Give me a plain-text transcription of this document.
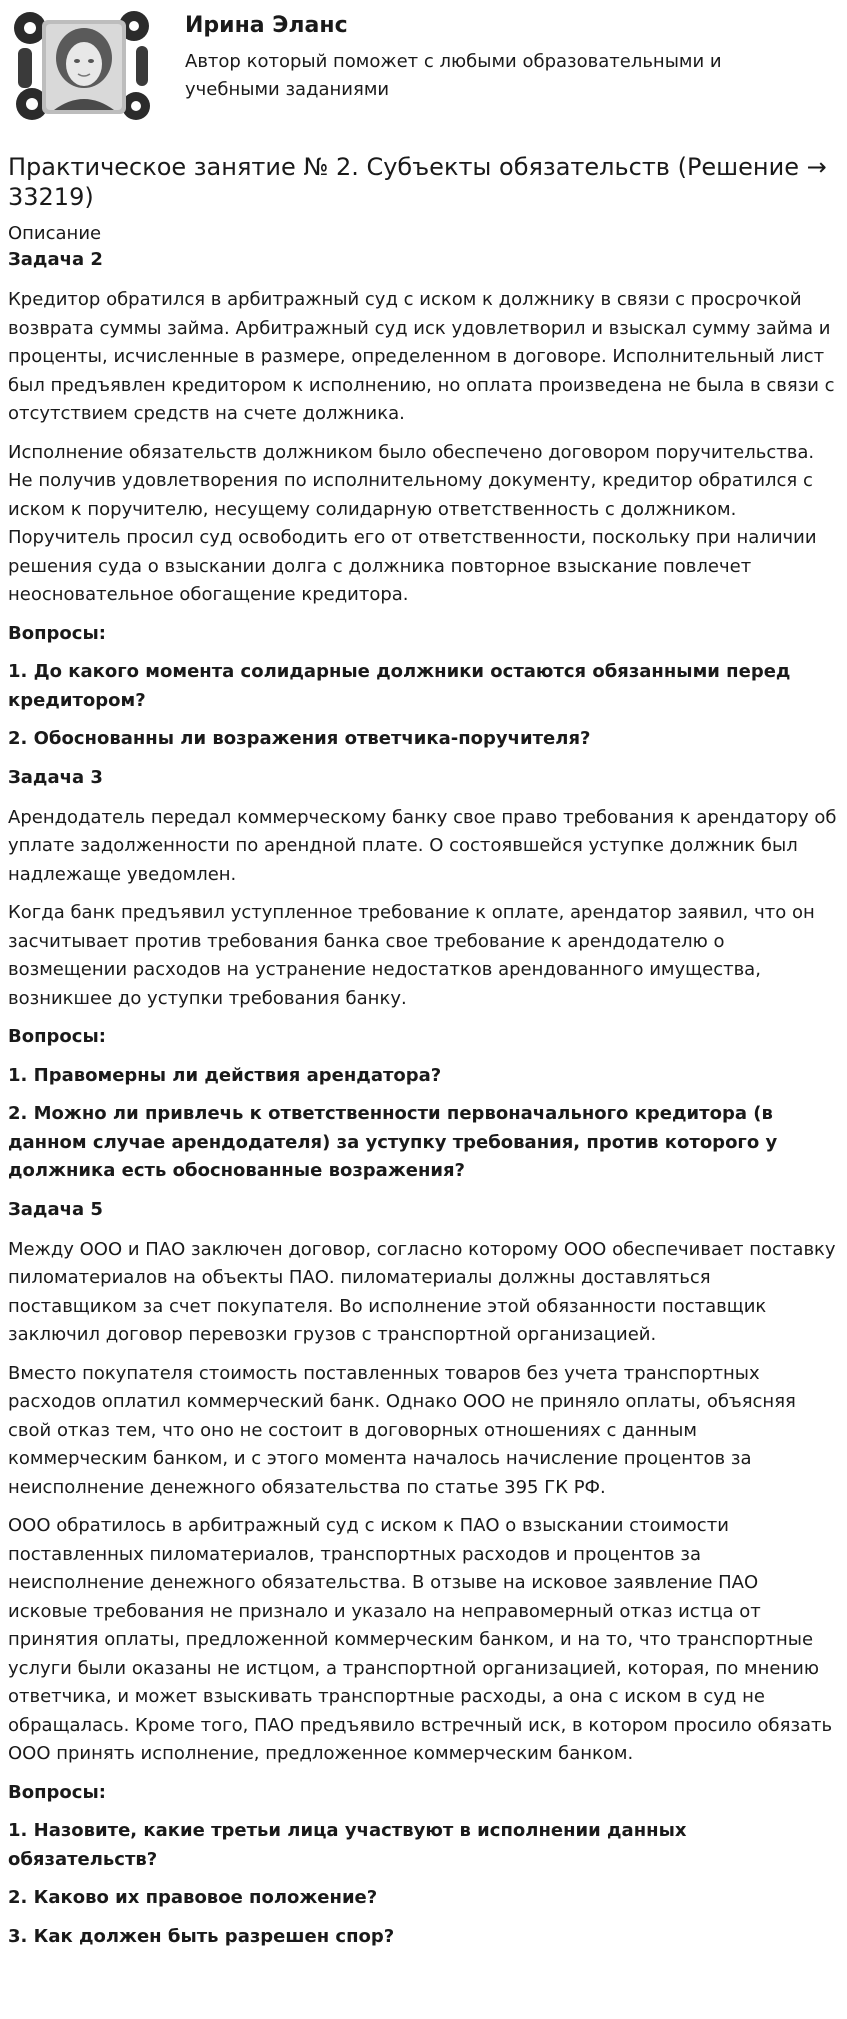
Ирина Эланс
Автор который поможет с любыми образовательными и учебными заданиями
Практическое занятие № 2. Субъекты обязательств (Решение → 33219)
Описание
Задача 2

Кредитор обратился в арбитражный суд с иском к должнику в связи с просрочкой возврата суммы займа. Арбитражный суд иск удовлетворил и взыскал сумму займа и проценты, исчисленные в размере, определенном в договоре. Исполнительный лист был предъявлен кредитором к исполнению, но оплата произведена не была в связи с отсутствием средств на счете должника.

Исполнение обязательств должником было обеспечено договором поручительства. Не получив удовлетворения по исполнительному документу, кредитор обратился с иском к поручителю, несущему солидарную ответственность с должником. Поручитель просил суд освободить его от ответственности, поскольку при наличии решения суда о взыскании долга с должника повторное взыскание повлечет неосновательное обогащение кредитора.

Вопросы:

1. До какого момента солидарные должники остаются обязанными перед кредитором?

2. Обоснованны ли возражения ответчика-поручителя?

Задача 3

Арендодатель передал коммерческому банку свое право требования к арендатору об уплате задолженности по арендной плате. О состоявшейся уступке должник был надлежаще уведомлен.

Когда банк предъявил уступленное требование к оплате, арендатор заявил, что он засчитывает против требования банка свое требование к арендодателю о возмещении расходов на устранение недостатков арендованного имущества, возникшее до уступки требования банку.

Вопросы:

1. Правомерны ли действия арендатора?

2. Можно ли привлечь к ответственности первоначального кредитора (в данном случае арендодателя) за уступку требования, против которого у должника есть обоснованные возражения?

Задача 5

Между ООО и ПАО заключен договор, согласно которому ООО обеспечивает поставку пиломатериалов на объекты ПАО. пиломатериалы должны доставляться поставщиком за счет покупателя. Во исполнение этой обязанности поставщик заключил договор перевозки грузов с транспортной организацией.

Вместо покупателя стоимость поставленных товаров без учета транспортных расходов оплатил коммерческий банк. Однако ООО не приняло оплаты, объясняя свой отказ тем, что оно не состоит в договорных отношениях с данным коммерческим банком, и с этого момента началось начисление процентов за неисполнение денежного обязательства по статье 395 ГК РФ.

ООО обратилось в арбитражный суд с иском к ПАО о взыскании стоимости поставленных пиломатериалов, транспортных расходов и процентов за неисполнение денежного обязательства. В отзыве на исковое заявление ПАО исковые требования не признало и указало на неправомерный отказ истца от принятия оплаты, предложенной коммерческим банком, и на то, что транспортные услуги были оказаны не истцом, а транспортной организацией, которая, по мнению ответчика, и может взыскивать транспортные расходы, а она с иском в суд не обращалась. Кроме того, ПАО предъявило встречный иск, в котором просило обязать ООО принять исполнение, предложенное коммерческим банком.

Вопросы:

1. Назовите, какие третьи лица участвуют в исполнении данных обязательств?

2. Каково их правовое положение?

3. Как должен быть разрешен спор?
